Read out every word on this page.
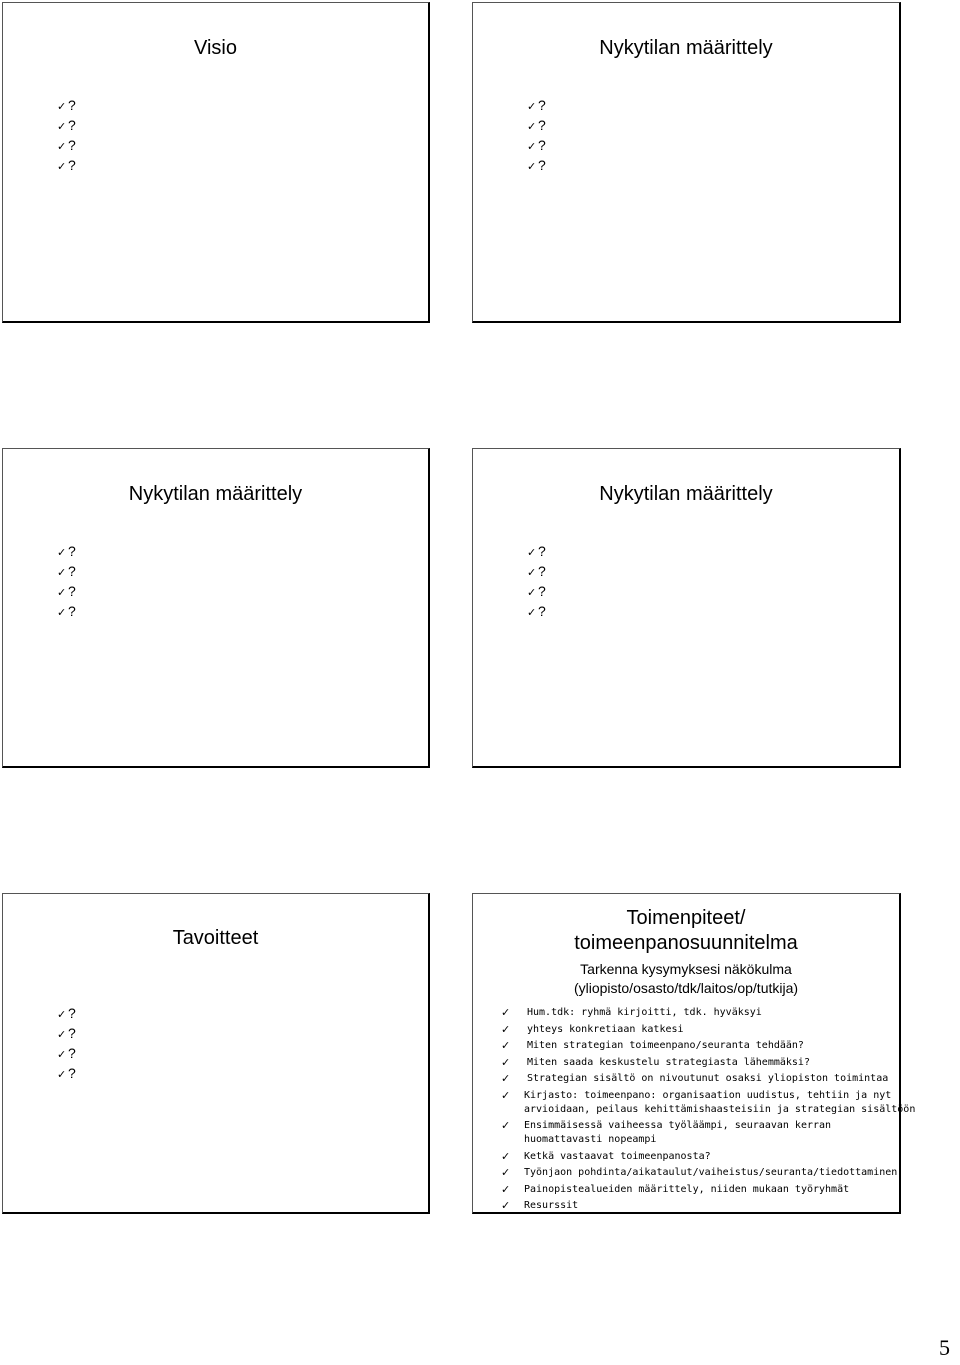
Visio
✓ ?
✓ ?
✓ ?
✓ ?
Nykytilan määrittely
✓ ?
✓ ?
✓ ?
✓ ?
Nykytilan määrittely
✓ ?
✓ ?
✓ ?
✓ ?
Nykytilan määrittely
✓ ?
✓ ?
✓ ?
✓ ?
Tavoitteet
✓ ?
✓ ?
✓ ?
✓ ?
Toimenpiteet/
toimeenpanosuunnitelma
Tarkenna kysymyksesi näkökulma
(yliopisto/osasto/tdk/laitos/op/tutkija)
✓ Hum.tdk: ryhmä kirjoitti, tdk. hyväksyi
✓ yhteys konkretiaan katkesi
✓ Miten strategian toimeenpano/seuranta tehdään?
✓ Miten saada keskustelu strategiasta lähemmäksi?
✓ Strategian sisältö on nivoutunut osaksi yliopiston toimintaa
✓ Kirjasto: toimeenpano: organisaation uudistus, tehtiin ja nyt
arvioidaan, peilaus kehittämishaasteisiin ja strategian sisältöön
✓ Ensimmäisessä vaiheessa työläämpi, seuraavan kerran
huomattavasti nopeampi
✓ Ketkä vastaavat toimeenpanosta?
✓ Työnjaon pohdinta/aikataulut/vaiheistus/seuranta/tiedottaminen
✓ Painopistealueiden määrittely, niiden mukaan työryhmät
✓ Resurssit
5
